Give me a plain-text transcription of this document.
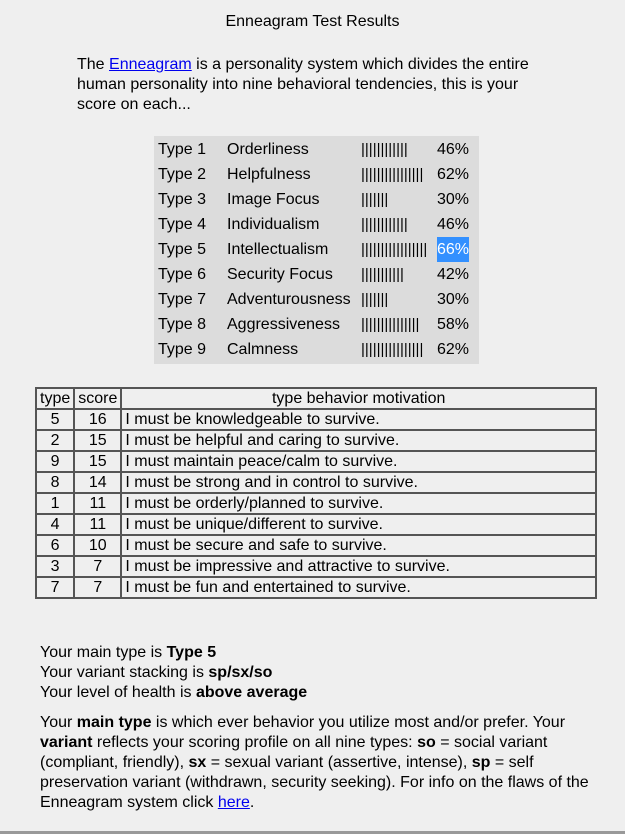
Enneagram Test Results
The Enneagram is a personality system which divides the entire human personality into nine behavioral tendencies, this is your score on each...
Type 1 Orderliness	|||||||||||| 46%
Type 2 Helpfulness	|||||||||||||||| 62%
Type 3 Image Focus	|||||||	30%
Type 4 Individualism	|||||||||||| 46%
Type 5 Intellectualism ||||||||||||||||| 66%
Type 6 Security Focus ||||||||||| 42%
Type 7 Adventurousness |||||||	30%
Type 8 Aggressiveness ||||||||||||||| 58%
Type 9 Calmness	|||||||||||||||| 62%
type	score	type behavior motivation
5	16	I must be knowledgeable to survive.
2	15	I must be helpful and caring to survive.
9	15	I must maintain peace/calm to survive.
8	14	I must be strong and in control to survive.
1	11	I must be orderly/planned to survive.
4	11	I must be unique/different to survive.
6	10	I must be secure and safe to survive.
3	7	I must be impressive and attractive to survive.
7	7	I must be fun and entertained to survive.
Your main type is Type 5
Your variant stacking is sp/sx/so
Your level of health is above average
Your main type is which ever behavior you utilize most and/or prefer. Your variant reflects your scoring profile on all nine types: so = social variant (compliant, friendly), sx = sexual variant (assertive, intense), sp = self preservation variant (withdrawn, security seeking). For info on the flaws of the Enneagram system click here.
